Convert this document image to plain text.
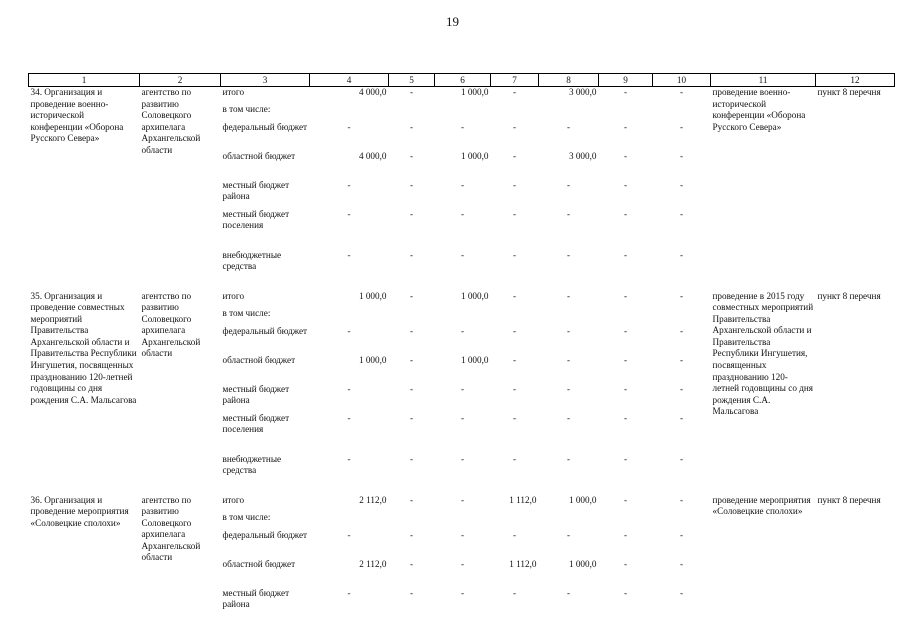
19
1	2	3	4	5	6	7	8	9	10	11	12
34. Организация и проведение военно-исторической конференции «Оборона Русского Севера»	агентство по развитию Соловецкого архипелага Архангельской области	итого	4 000,0	-	1 000,0	-	3 000,0	-	-	проведение военно-исторической конференции «Оборона Русского Севера»	пункт 8 перечня
		в том числе:									
		федеральный бюджет	-	-	-	-	-	-	-		
		областной бюджет	4 000,0	-	1 000,0	-	3 000,0	-	-		
		местный бюджет района	-	-	-	-	-	-	-		
		местный бюджет поселения	-	-	-	-	-	-	-		
		внебюджетные средства	-	-	-	-	-	-	-		

35. Организация и проведение совместных мероприятий Правительства Архангельской области и Правительства Республики Ингушетия, посвященных празднованию 120-летней годовщины со дня рождения С.А. Мальсагова	агентство по развитию Соловецкого архипелага Архангельской области	итого	1 000,0	-	1 000,0	-	-	-	-	проведение в 2015 году совместных мероприятий Правительства Архангельской области и Правительства Республики Ингушетия, посвященных празднованию 120-летней годовщины со дня рождения С.А. Мальсагова	пункт 8 перечня
		в том числе:									
		федеральный бюджет	-	-	-	-	-	-	-		
		областной бюджет	1 000,0	-	1 000,0	-	-	-	-		
		местный бюджет района	-	-	-	-	-	-	-		
		местный бюджет поселения	-	-	-	-	-	-	-		
		внебюджетные средства	-	-	-	-	-	-	-		

36. Организация и проведение мероприятия «Соловецкие сполохи»	агентство по развитию Соловецкого архипелага Архангельской области	итого	2 112,0	-	-	1 112,0	1 000,0	-	-	проведение мероприятия «Соловецкие сполохи»	пункт 8 перечня
		в том числе:									
		федеральный бюджет	-	-	-	-	-	-	-		
		областной бюджет	2 112,0	-	-	1 112,0	1 000,0	-	-		
		местный бюджет района	-	-	-	-	-	-	-		
